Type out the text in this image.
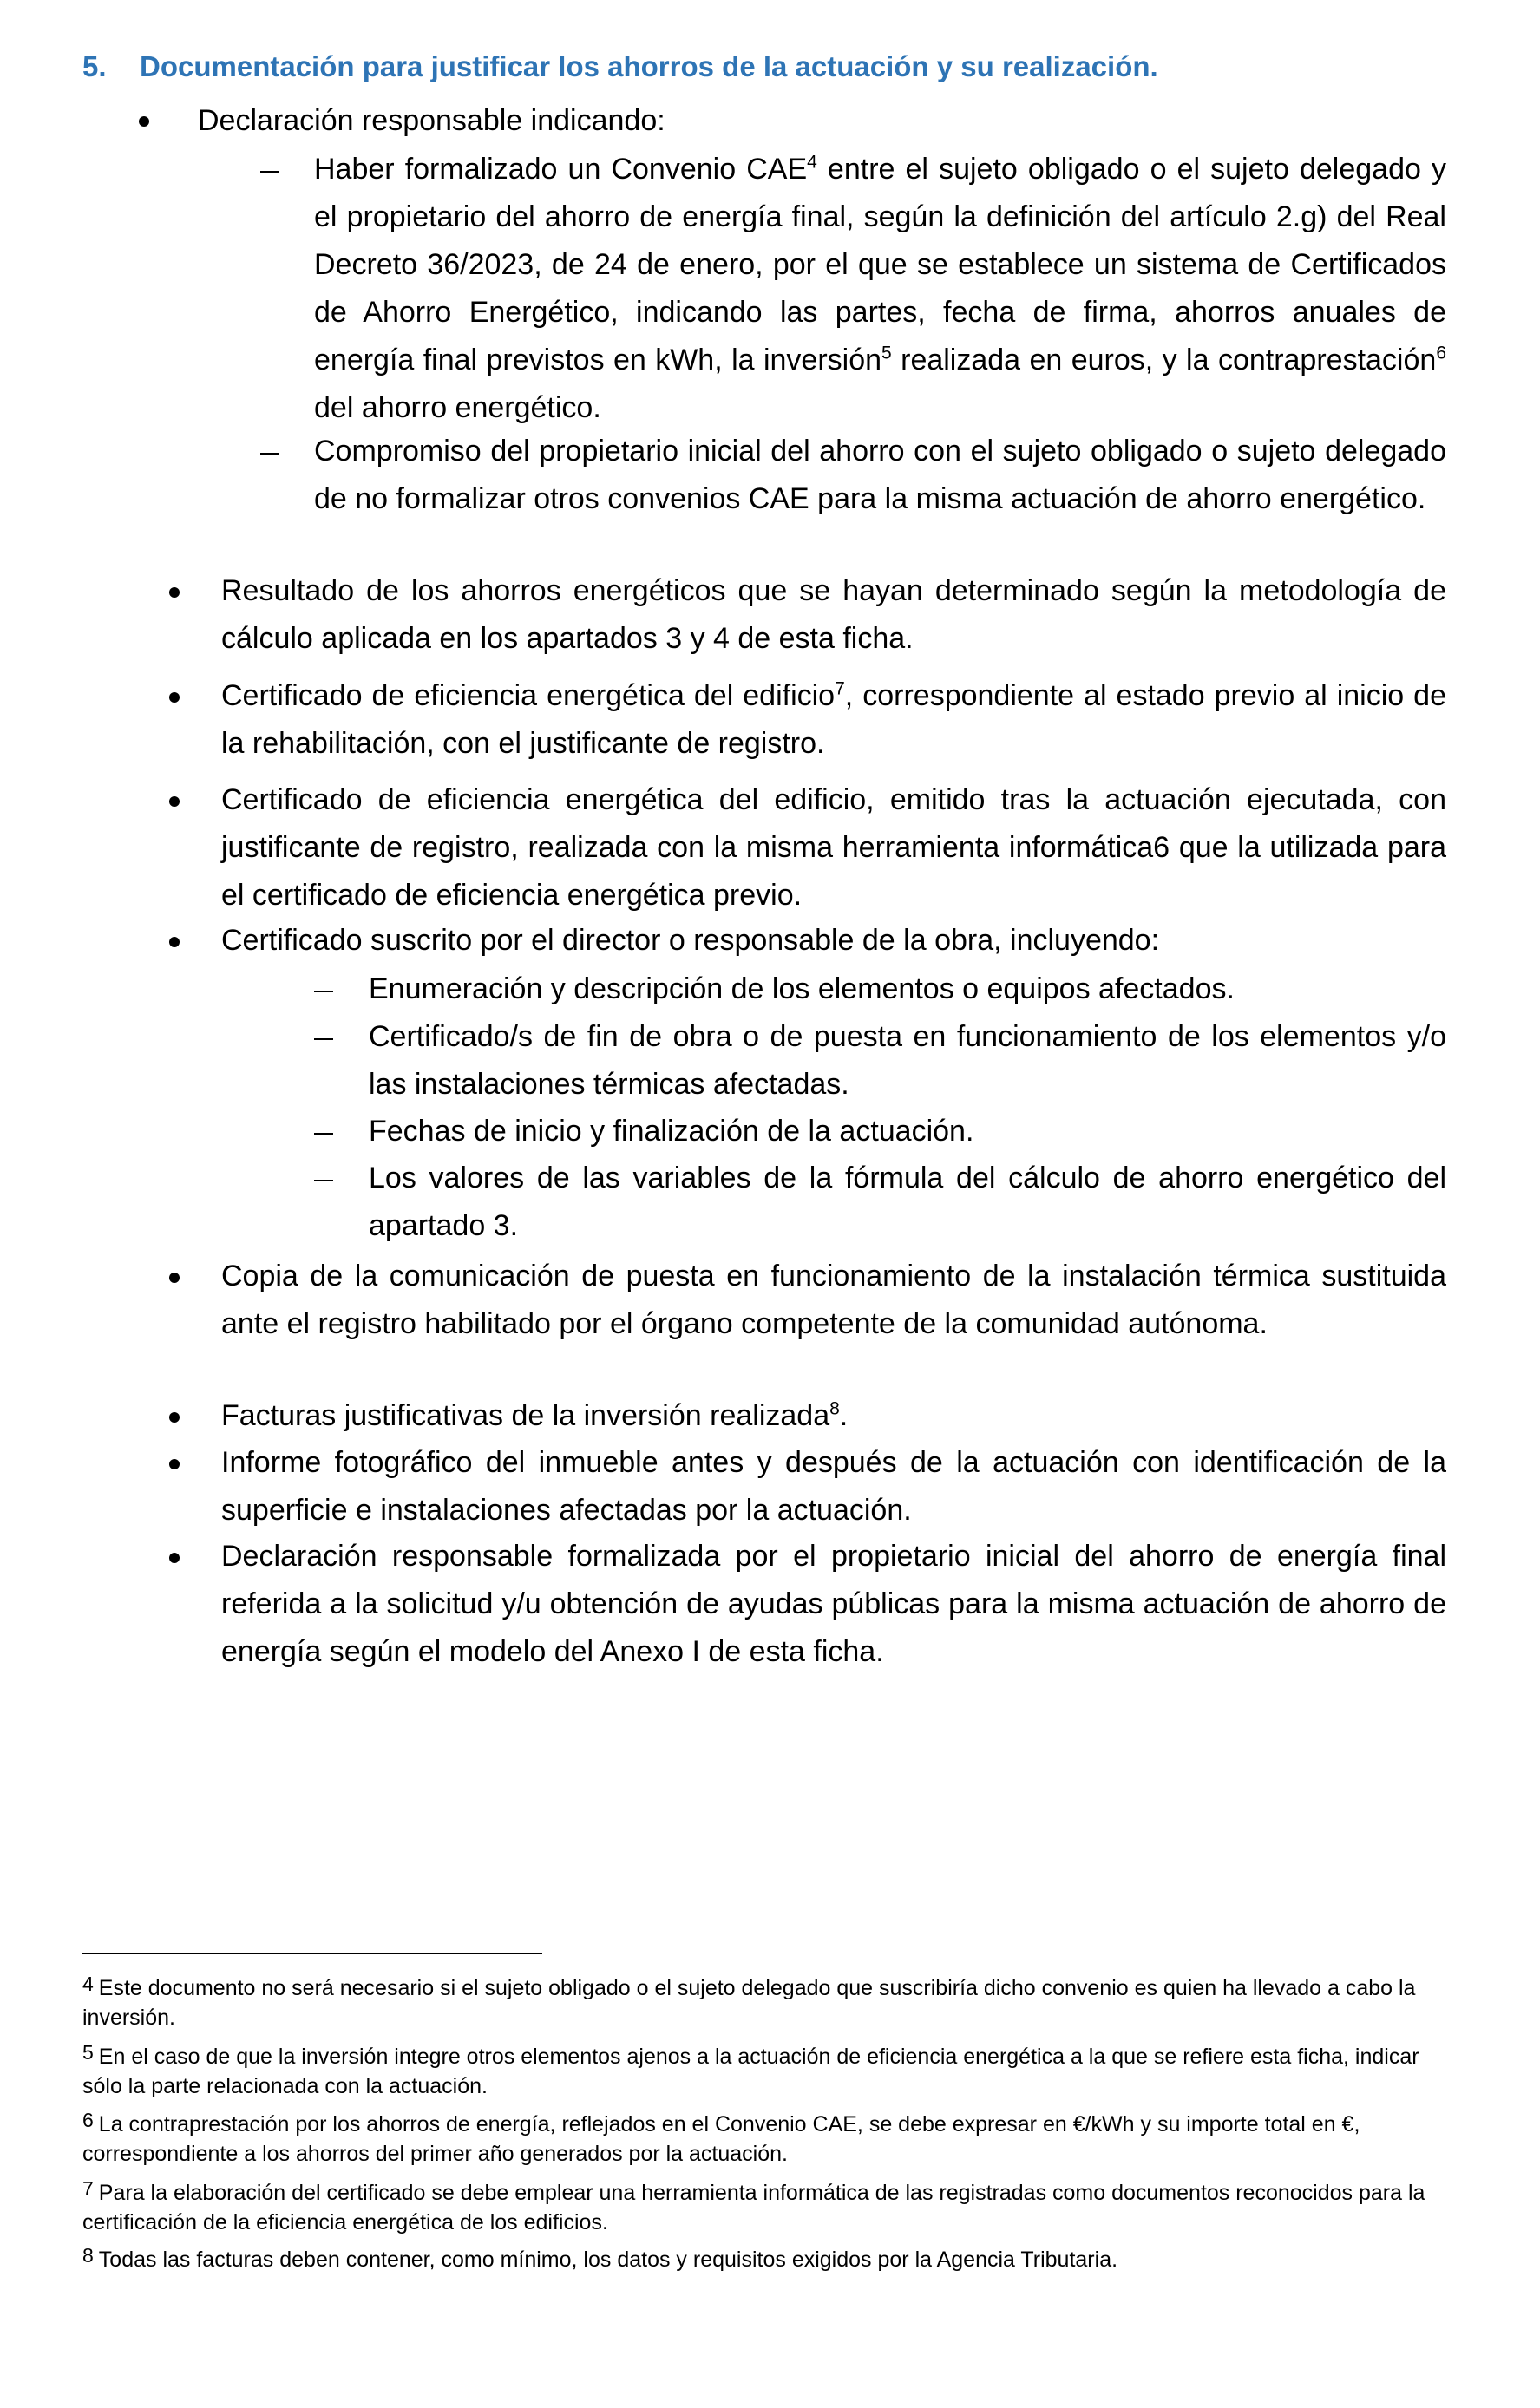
5. Documentación para justificar los ahorros de la actuación y su realización.
Declaración responsable indicando:
Haber formalizado un Convenio CAE$^4$ entre el sujeto obligado o el sujeto delegado y el propietario del ahorro de energía final, según la definición del artículo 2.g) del Real Decreto 36/2023, de 24 de enero, por el que se establece un sistema de Certificados de Ahorro Energético, indicando las partes, fecha de firma, ahorros anuales de energía final previstos en kWh, la inversión$^5$ realizada en euros, y la contraprestación$^6$ del ahorro energético.
Compromiso del propietario inicial del ahorro con el sujeto obligado o sujeto delegado de no formalizar otros convenios CAE para la misma actuación de ahorro energético.
Resultado de los ahorros energéticos que se hayan determinado según la metodología de cálculo aplicada en los apartados 3 y 4 de esta ficha.
Certificado de eficiencia energética del edificio$^7$, correspondiente al estado previo al inicio de la rehabilitación, con el justificante de registro.
Certificado de eficiencia energética del edificio, emitido tras la actuación ejecutada, con justificante de registro, realizada con la misma herramienta informática6 que la utilizada para el certificado de eficiencia energética previo.
Certificado suscrito por el director o responsable de la obra, incluyendo:
Enumeración y descripción de los elementos o equipos afectados.
Certificado/s de fin de obra o de puesta en funcionamiento de los elementos y/o las instalaciones térmicas afectadas.
Fechas de inicio y finalización de la actuación.
Los valores de las variables de la fórmula del cálculo de ahorro energético del apartado 3.
Copia de la comunicación de puesta en funcionamiento de la instalación térmica sustituida ante el registro habilitado por el órgano competente de la comunidad autónoma.
Facturas justificativas de la inversión realizada$^8$.
Informe fotográfico del inmueble antes y después de la actuación con identificación de la superficie e instalaciones afectadas por la actuación.
Declaración responsable formalizada por el propietario inicial del ahorro de energía final referida a la solicitud y/u obtención de ayudas públicas para la misma actuación de ahorro de energía según el modelo del Anexo I de esta ficha.
4 Este documento no será necesario si el sujeto obligado o el sujeto delegado que suscribiría dicho convenio es quien ha llevado a cabo la inversión.
5 En el caso de que la inversión integre otros elementos ajenos a la actuación de eficiencia energética a la que se refiere esta ficha, indicar sólo la parte relacionada con la actuación.
6 La contraprestación por los ahorros de energía, reflejados en el Convenio CAE, se debe expresar en €/kWh y su importe total en €, correspondiente a los ahorros del primer año generados por la actuación.
7 Para la elaboración del certificado se debe emplear una herramienta informática de las registradas como documentos reconocidos para la certificación de la eficiencia energética de los edificios.
8 Todas las facturas deben contener, como mínimo, los datos y requisitos exigidos por la Agencia Tributaria.
